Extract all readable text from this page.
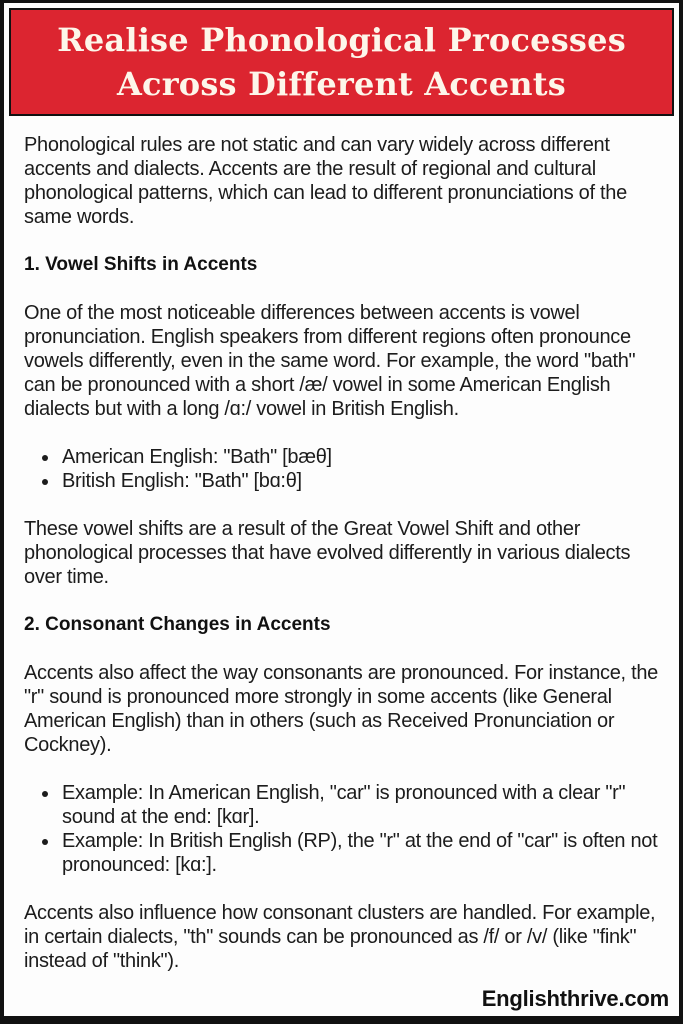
Realise Phonological Processes
Across Different Accents

Phonological rules are not static and can vary widely across different accents and dialects. Accents are the result of regional and cultural phonological patterns, which can lead to different pronunciations of the same words.

1. Vowel Shifts in Accents

One of the most noticeable differences between accents is vowel pronunciation. English speakers from different regions often pronounce vowels differently, even in the same word. For example, the word "bath" can be pronounced with a short /æ/ vowel in some American English dialects but with a long /ɑ:/ vowel in British English.

American English: "Bath" [bæθ]
British English: "Bath" [bɑ:θ]

These vowel shifts are a result of the Great Vowel Shift and other phonological processes that have evolved differently in various dialects over time.

2. Consonant Changes in Accents

Accents also affect the way consonants are pronounced. For instance, the "r" sound is pronounced more strongly in some accents (like General American English) than in others (such as Received Pronunciation or Cockney).

Example: In American English, "car" is pronounced with a clear "r" sound at the end: [kɑr].
Example: In British English (RP), the "r" at the end of "car" is often not pronounced: [kɑ:].

Accents also influence how consonant clusters are handled. For example, in certain dialects, "th" sounds can be pronounced as /f/ or /v/ (like "fink" instead of "think").

Englishthrive.com
